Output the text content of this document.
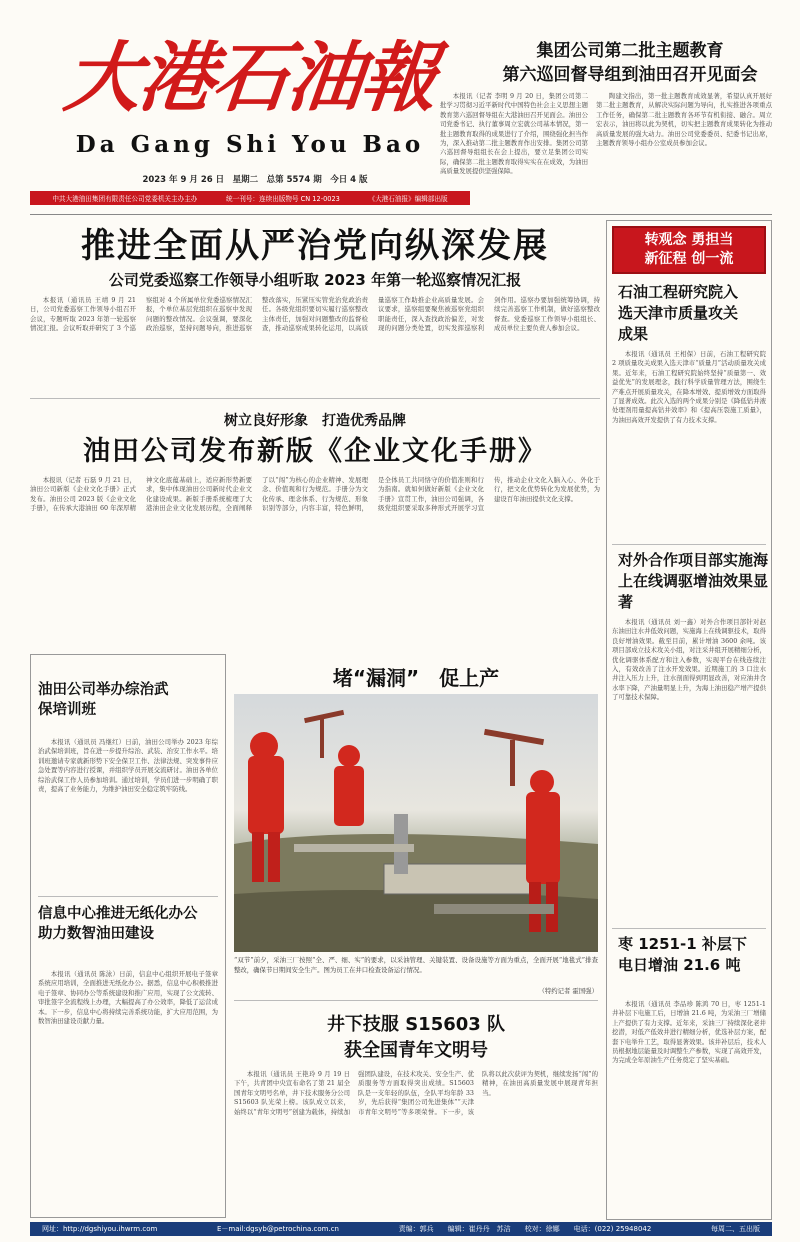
大港石油報
Da Gang Shi You Bao
2023 年 9 月 26 日　星期二　总第 5574 期　今日 4 版
中共大港油田集团有限责任公司党委机关主办主办	统一刊号：连续出版物号 CN 12-0023	《大港石油报》编辑部出版
集团公司第二批主题教育
第六巡回督导组到油田召开见面会

本报讯（记者 李明 9 月 20 日，集团公司第二批学习贯彻习近平新时代中国特色社会主义思想主题教育第六巡回督导组在大港油田召开见面会。油田公司党委书记、执行董事周立宏就公司基本情况，第一批主题教育取得的成果进行了介绍，围绕强化担当作为，深入推动第二批主题教育作出安排。集团公司第六巡回督导组组长在会上提出，要立足集团公司实际，确保第二批主题教育取得实实在在成效，为油田高质量发展提供坚强保障。

陶建文指出，第一批主题教育成效显著，希望认真开展好第二批主题教育，从解决实际问题为导向，扎实推进各项重点工作任务，确保第二批主题教育各环节有机衔接、融合。周立宏表示，油田将以此为契机，切实把主题教育成果转化为推动高质量发展的强大动力。油田公司党委委员、纪委书记出席，主题教育领导小组办公室成员参加会议。

推进全面从严治党向纵深发展
公司党委巡察工作领导小组听取 2023 年第一轮巡察情况汇报

本报讯（通讯员 王靖 9 月 21 日，公司党委巡察工作领导小组召开会议，专题听取 2023 年第一轮巡察情况汇报。会议听取并研究了 3 个巡察组对 4 个所属单位党委巡察情况汇报，个单位基层党组织在巡察中发现问题的整改情况。会议强调，要深化政治巡察，坚持问题导向，推进巡察整改落实，压紧压实管党治党政治责任。各级党组织要切实履行巡察整改主体责任，加强对问题整改的监督检查，推动巡察成果转化运用，以高质量巡察工作助推企业高质量发展。会议要求，巡察组要聚焦被巡察党组织职能责任，深入查找政治偏差，对发现的问题分类处置，切实发挥巡察利剑作用。巡察办要加强统筹协调，持续完善巡察工作机制，做好巡察整改督查。党委巡察工作领导小组组长、成员单位主要负责人参加会议。

树立良好形象　打造优秀品牌
油田公司发布新版《企业文化手册》

本报讯（记者 石磊 9 月 21 日，油田公司新版《企业文化手册》正式发布。油田公司 2023 版《企业文化手册》，在传承大港油田 60 年深厚精神文化底蕴基础上，适应新形势新要求，集中体现油田公司新时代企业文化建设成果。新版手册系统梳理了大港油田企业文化发展历程，全面阐释了以“闯”为核心的企业精神、发展理念、价值观和行为规范。手册分为文化传承、理念体系、行为规范、形象识别等部分，内容丰富，特色鲜明，是全体员工共同恪守的价值准则和行为指南。就如何做好新版《企业文化手册》宣贯工作，油田公司强调，各级党组织要采取多种形式开展学习宣传，推动企业文化入脑入心、外化于行，把文化优势转化为发展优势，为建设百年油田提供文化支撑。

转观念 勇担当
新征程 创一流
石油工程研究院入选天津市质量攻关成果

本报讯（通讯员 王相保）日前，石油工程研究院 2 项质量攻关成果入选天津市“质量月”活动质量攻关成果。近年来，石油工程研究院始终坚持“质量第一、效益优先”的发展理念，践行科学质量管理方法，围绕生产难点开展质量攻关，在降本增效、提质增效方面取得了显著成效。此次入选的两个成果分别是《降低钻井液处理剂用量提高钻井效率》和《提高压裂施工质量》，为油田高效开发提供了有力技术支撑。

对外合作项目部实施海上在线调驱增油效果显著

本报讯（通讯员 刘一鑫）对外合作项目部针对赵东油田注水井低效问题，实施海上在线调驱技术，取得良好增油效果。截至目前，累计增油 3600 余吨。该项目部成立技术攻关小组，对注采井组开展精细分析，优化调驱体系配方和注入参数，实现平台在线连续注入，有效改善了注水开发效果。近期施工的 3 口注水井注入压力上升，注水剖面得到明显改善，对应油井含水率下降，产油量明显上升，为海上油田稳产增产提供了可靠技术保障。

枣 1251-1 补层下电日增油 21.6 吨

本报讯（通讯员 李品珍 陈鸿 70 日，枣 1251-1 井补层下电施工后，日增油 21.6 吨，为采油三厂增储上产提供了有力支撑。近年来，采油三厂持续深化老井挖潜，对低产低效井进行精细分析，优选补层方案，配套下电举升工艺，取得显著效果。该井补层后，技术人员根据地层能量及时调整生产参数，实现了高效开发，为完成全年原油生产任务奠定了坚实基础。

油田公司举办综治武保培训班

本报讯（通讯员 冯继红）日前，油田公司举办 2023 年综治武保培训班，旨在进一步提升综治、武装、治安工作水平。培训班邀请专家就新形势下安全保卫工作、法律法规、突发事件应急处置等内容进行授课，并组织学员开展交流研讨。油田各单位综治武保工作人员参加培训。通过培训，学员们进一步明确了职责，提高了业务能力，为维护油田安全稳定筑牢防线。

信息中心推进无纸化办公助力数智油田建设

本报讯（通讯员 陈泳）日前，信息中心组织开展电子签章系统应用培训，全面推进无纸化办公。据悉，信息中心积极推进电子签章、协同办公等系统建设和推广应用，实现了公文流转、审批签字全流程线上办理，大幅提高了办公效率，降低了运营成本。下一步，信息中心将持续完善系统功能，扩大应用范围，为数智油田建设贡献力量。

堵“漏洞”　促上产
“双节”前夕，采油三厂按照“全、严、细、实”的要求，以采油管理、关键装置、设备设施等方面为重点，全面开展“地毯式”排查整改，确保节日期间安全生产。图为员工在井口检查设备运行情况。
（特约记者 霍国强）
井下技服 S15603 队
获全国青年文明号

本报讯（通讯员 王艳玲 9 月 19 日下午，共青团中央宣布命名了第 21 届全国青年文明号名单，井下技术服务分公司 S15603 队光荣上榜。该队成立以来，始终以“青年文明号”创建为载体，持续加强团队建设，在技术攻关、安全生产、优质服务等方面取得突出成绩。S15603 队是一支年轻的队伍，全队平均年龄 33 岁，先后获得“集团公司先进集体”“天津市青年文明号”等多项荣誉。下一步，该队将以此次获评为契机，继续发扬“闯”的精神，在油田高质量发展中展现青年担当。

网址：http://dgshiyou.ihwrm.com	E－mail:dgsyb@petrochina.com.cn	责编：郭兵　　编辑：崔丹丹　苏洁　　校对：徐娜　　电话：(022) 25948042	每周二、五出版
